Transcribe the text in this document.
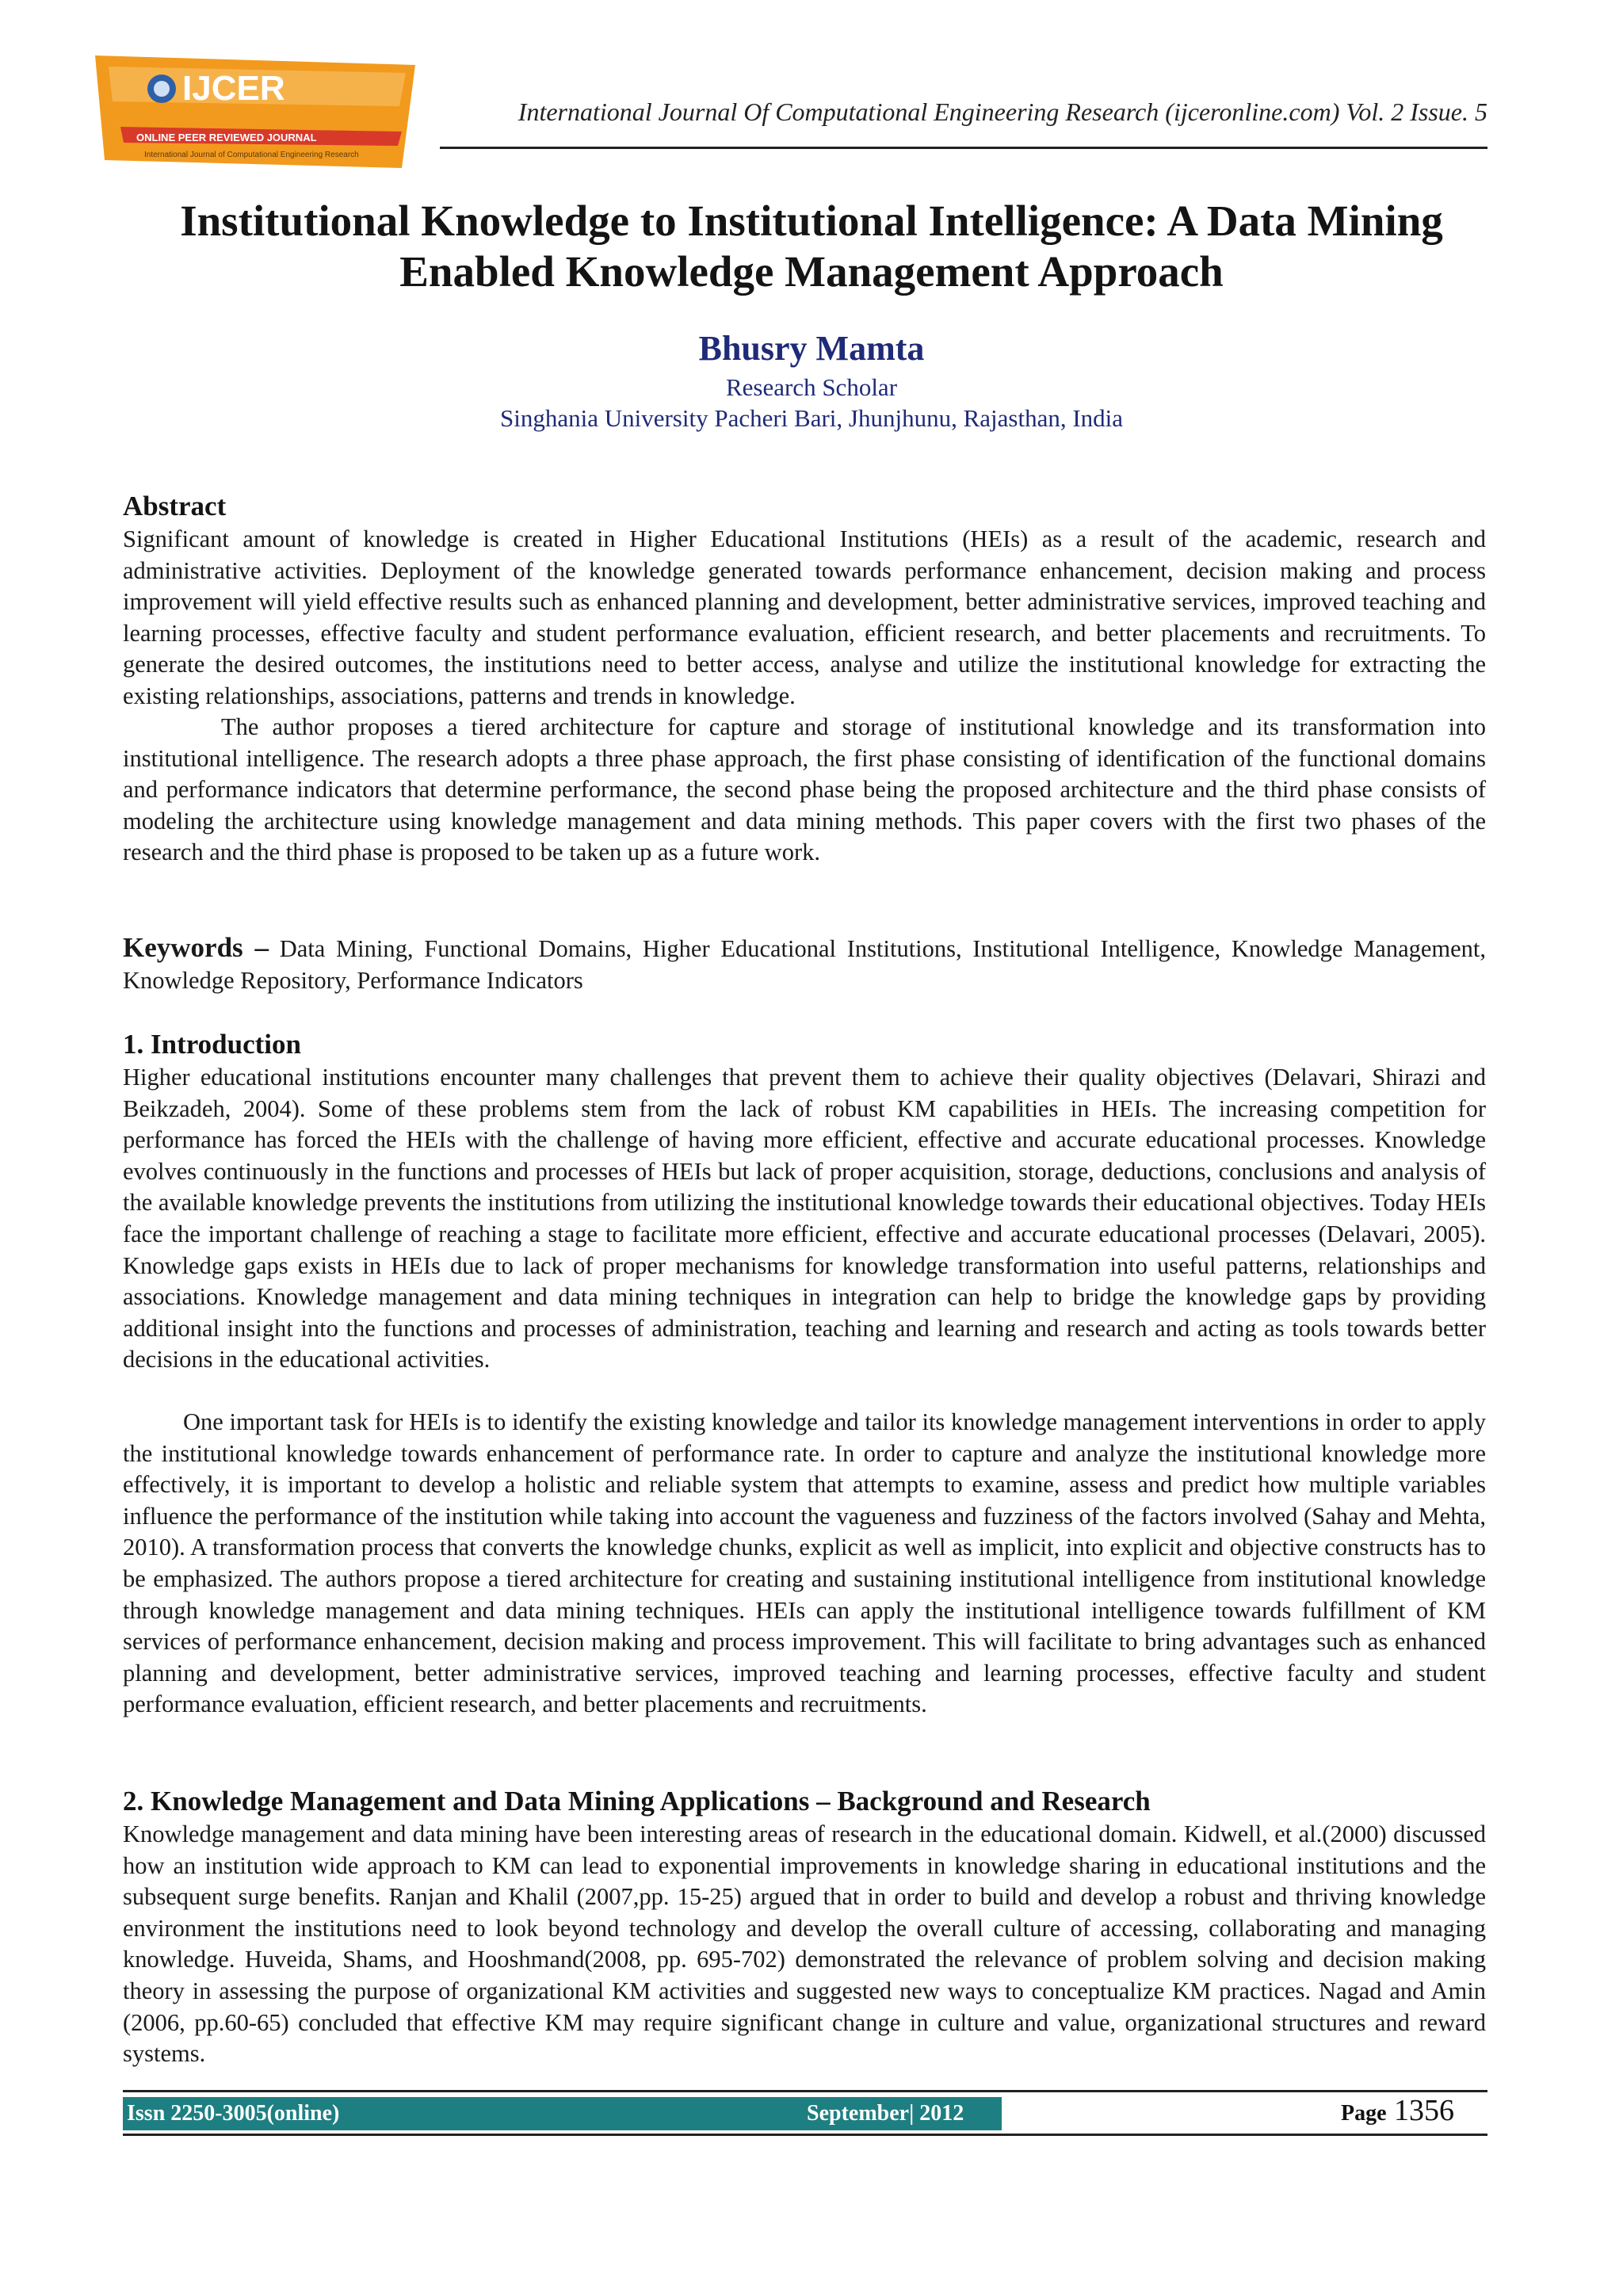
IJCER
ONLINE PEER REVIEWED JOURNAL
International Journal of Computational Engineering Research
International Journal Of Computational Engineering Research (ijceronline.com) Vol. 2 Issue. 5
Institutional Knowledge to Institutional Intelligence: A Data Mining
Enabled Knowledge Management Approach
Bhusry Mamta
Research Scholar
Singhania University Pacheri Bari, Jhunjhunu, Rajasthan, India
Abstract

Significant amount of knowledge is created in Higher Educational Institutions (HEIs) as a result of the academic, research and administrative activities. Deployment of the knowledge generated towards performance enhancement, decision making and process improvement will yield effective results such as enhanced planning and development, better administrative services, improved teaching and learning processes, effective faculty and student performance evaluation, efficient research, and better placements and recruitments. To generate the desired outcomes, the institutions need to better access, analyse and utilize the institutional knowledge for extracting the existing relationships, associations, patterns and trends in knowledge.

The author proposes a tiered architecture for capture and storage of institutional knowledge and its transformation into institutional intelligence. The research adopts a three phase approach, the first phase consisting of identification of the functional domains and performance indicators that determine performance, the second phase being the proposed architecture and the third phase consists of modeling the architecture using knowledge management and data mining methods. This paper covers with the first two phases of the research and the third phase is proposed to be taken up as a future work.

Keywords – Data Mining, Functional Domains, Higher Educational Institutions, Institutional Intelligence, Knowledge Management, Knowledge Repository, Performance Indicators

1. Introduction

Higher educational institutions encounter many challenges that prevent them to achieve their quality objectives (Delavari, Shirazi and Beikzadeh, 2004). Some of these problems stem from the lack of robust KM capabilities in HEIs. The increasing competition for performance has forced the HEIs with the challenge of having more efficient, effective and accurate educational processes. Knowledge evolves continuously in the functions and processes of HEIs but lack of proper acquisition, storage, deductions, conclusions and analysis of the available knowledge prevents the institutions from utilizing the institutional knowledge towards their educational objectives. Today HEIs face the important challenge of reaching a stage to facilitate more efficient, effective and accurate educational processes (Delavari, 2005). Knowledge gaps exists in HEIs due to lack of proper mechanisms for knowledge transformation into useful patterns, relationships and associations. Knowledge management and data mining techniques in integration can help to bridge the knowledge gaps by providing additional insight into the functions and processes of administration, teaching and learning and research and acting as tools towards better decisions in the educational activities.

One important task for HEIs is to identify the existing knowledge and tailor its knowledge management interventions in order to apply the institutional knowledge towards enhancement of performance rate. In order to capture and analyze the institutional knowledge more effectively, it is important to develop a holistic and reliable system that attempts to examine, assess and predict how multiple variables influence the performance of the institution while taking into account the vagueness and fuzziness of the factors involved (Sahay and Mehta, 2010). A transformation process that converts the knowledge chunks, explicit as well as implicit, into explicit and objective constructs has to be emphasized. The authors propose a tiered architecture for creating and sustaining institutional intelligence from institutional knowledge through knowledge management and data mining techniques. HEIs can apply the institutional intelligence towards fulfillment of KM services of performance enhancement, decision making and process improvement. This will facilitate to bring advantages such as enhanced planning and development, better administrative services, improved teaching and learning processes, effective faculty and student performance evaluation, efficient research, and better placements and recruitments.

2. Knowledge Management and Data Mining Applications – Background and Research

Knowledge management and data mining have been interesting areas of research in the educational domain. Kidwell, et al.(2000) discussed how an institution wide approach to KM can lead to exponential improvements in knowledge sharing in educational institutions and the subsequent surge benefits. Ranjan and Khalil (2007,pp. 15-25) argued that in order to build and develop a robust and thriving knowledge environment the institutions need to look beyond technology and develop the overall culture of accessing, collaborating and managing knowledge. Huveida, Shams, and Hooshmand(2008, pp. 695-702) demonstrated the relevance of problem solving and decision making theory in assessing the purpose of organizational KM activities and suggested new ways to conceptualize KM practices. Nagad and Amin (2006, pp.60-65) concluded that effective KM may require significant change in culture and value, organizational structures and reward systems.

Issn 2250-3005(online)	September| 2012	Page 1356
